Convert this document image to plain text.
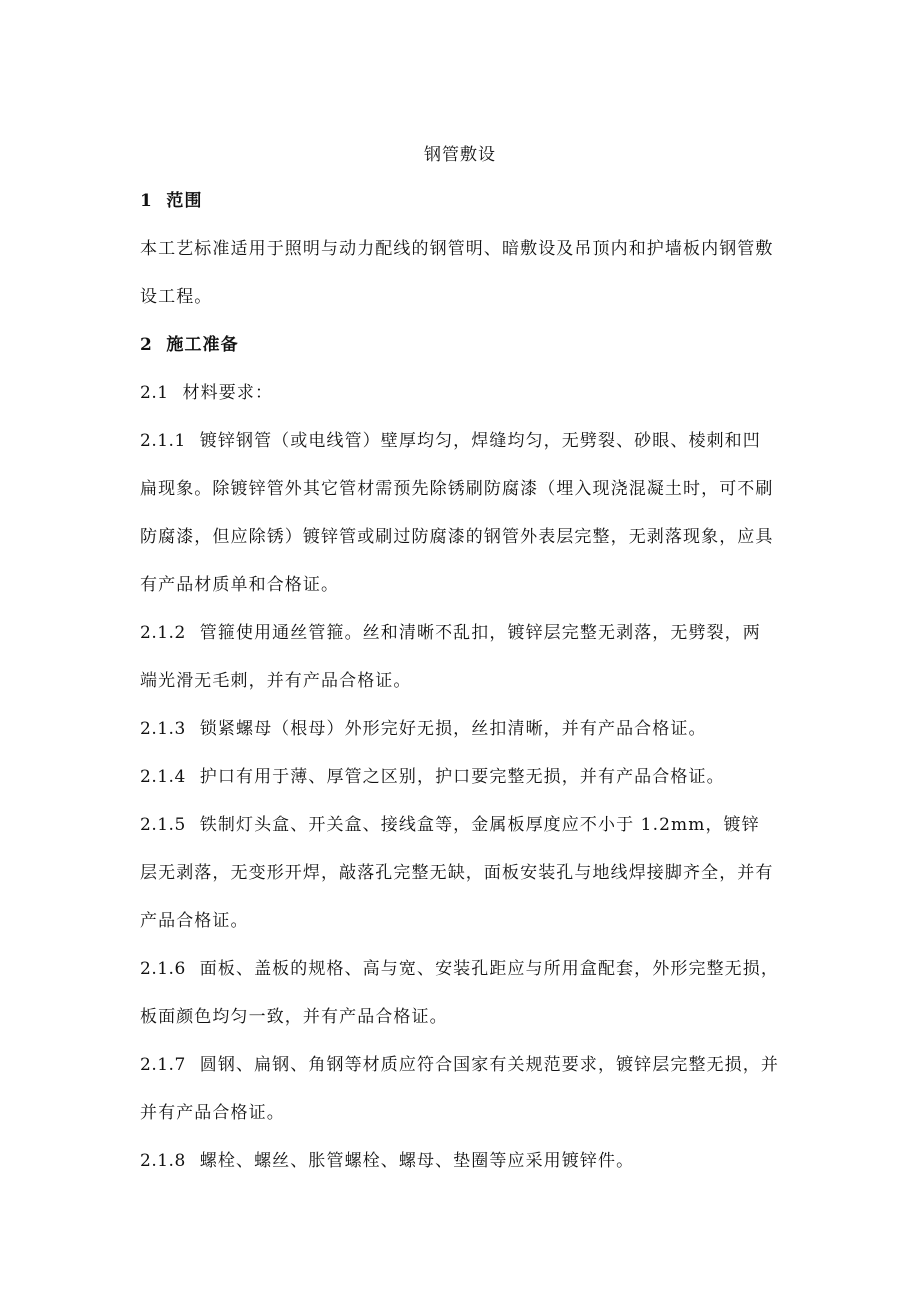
钢管敷设
1 范围
本工艺标准适用于照明与动力配线的钢管明、暗敷设及吊顶内和护墙板内钢管敷
设工程。
2 施工准备
2.1 材料要求：
2.1.1 镀锌钢管（或电线管）壁厚均匀，焊缝均匀，无劈裂、砂眼、棱刺和凹
扁现象。除镀锌管外其它管材需预先除锈刷防腐漆（埋入现浇混凝土时，可不刷
防腐漆，但应除锈）镀锌管或刷过防腐漆的钢管外表层完整，无剥落现象，应具
有产品材质单和合格证。
2.1.2 管箍使用通丝管箍。丝和清晰不乱扣，镀锌层完整无剥落，无劈裂，两
端光滑无毛刺，并有产品合格证。
2.1.3 锁紧螺母（根母）外形完好无损，丝扣清晰，并有产品合格证。
2.1.4 护口有用于薄、厚管之区别，护口要完整无损，并有产品合格证。
2.1.5 铁制灯头盒、开关盒、接线盒等，金属板厚度应不小于 1.2mm，镀锌
层无剥落，无变形开焊，敲落孔完整无缺，面板安装孔与地线焊接脚齐全，并有
产品合格证。
2.1.6 面板、盖板的规格、高与宽、安装孔距应与所用盒配套，外形完整无损，
板面颜色均匀一致，并有产品合格证。
2.1.7 圆钢、扁钢、角钢等材质应符合国家有关规范要求，镀锌层完整无损，并
并有产品合格证。
2.1.8 螺栓、螺丝、胀管螺栓、螺母、垫圈等应采用镀锌件。
